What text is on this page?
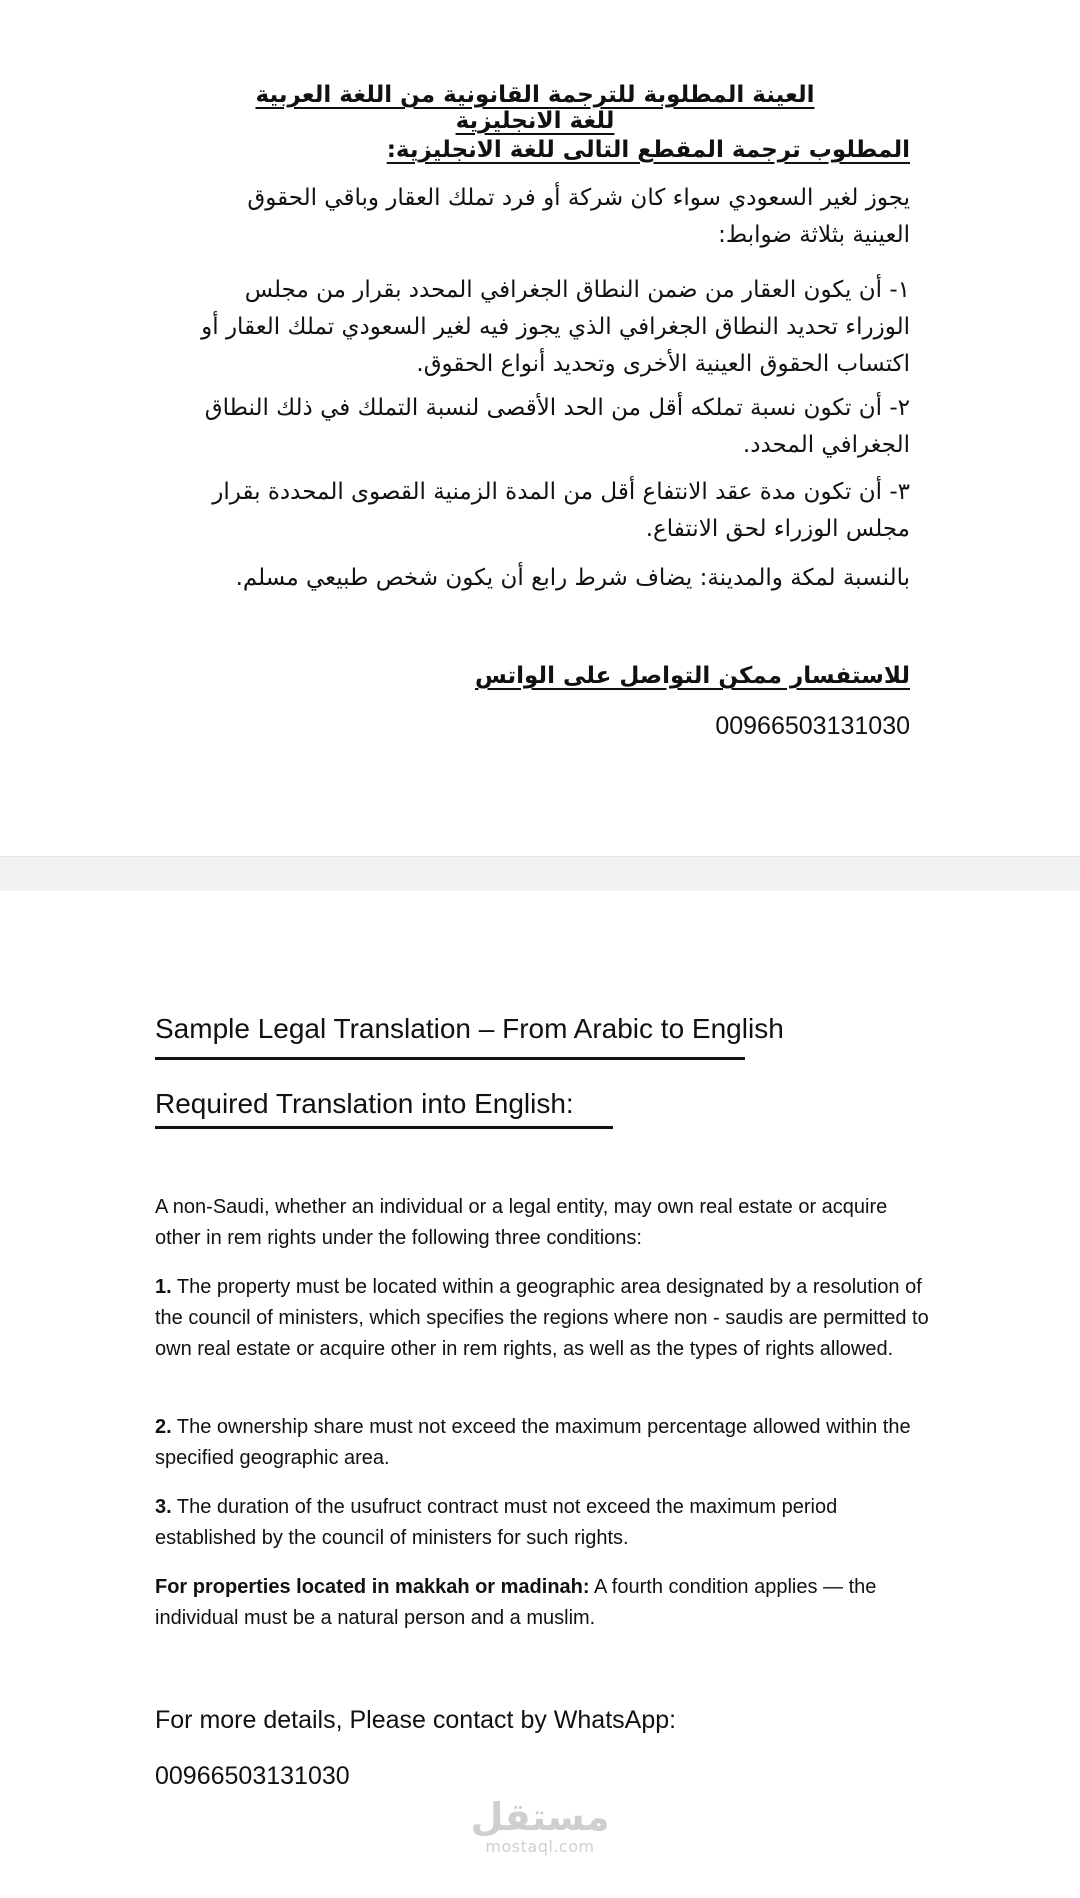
العينة المطلوبة للترجمة القانونية من اللغة العربية للغة الانجليزية
المطلوب ترجمة المقطع التالى للغة الانجليزية:
يجوز لغير السعودي سواء كان شركة أو فرد تملك العقار وباقي الحقوق العينية بثلاثة ضوابط:
١- أن يكون العقار من ضمن النطاق الجغرافي المحدد بقرار من مجلس الوزراء تحديد النطاق الجغرافي الذي يجوز فيه لغير السعودي تملك العقار أو اكتساب الحقوق العينية الأخرى وتحديد أنواع الحقوق.
٢- أن تكون نسبة تملكه أقل من الحد الأقصى لنسبة التملك في ذلك النطاق الجغرافي المحدد.
٣- أن تكون مدة عقد الانتفاع أقل من المدة الزمنية القصوى المحددة بقرار مجلس الوزراء لحق الانتفاع.
بالنسبة لمكة والمدينة: يضاف شرط رابع أن يكون شخص طبيعي مسلم.
للاستفسار ممكن التواصل على الواتس
00966503131030
Sample Legal Translation – From Arabic to English
Required Translation into English:
A non-Saudi, whether an individual or a legal entity, may own real estate or acquire other in rem rights under the following three conditions:
1. The property must be located within a geographic area designated by a resolution of the council of ministers, which specifies the regions where non - saudis are permitted to own real estate or acquire other in rem rights, as well as the types of rights allowed.
2. The ownership share must not exceed the maximum percentage allowed within the specified geographic area.
3. The duration of the usufruct contract must not exceed the maximum period established by the council of ministers for such rights.
For properties located in makkah or madinah: A fourth condition applies — the individual must be a natural person and a muslim.
For more details, Please contact by WhatsApp:
00966503131030
مستقل
mostaql.com
